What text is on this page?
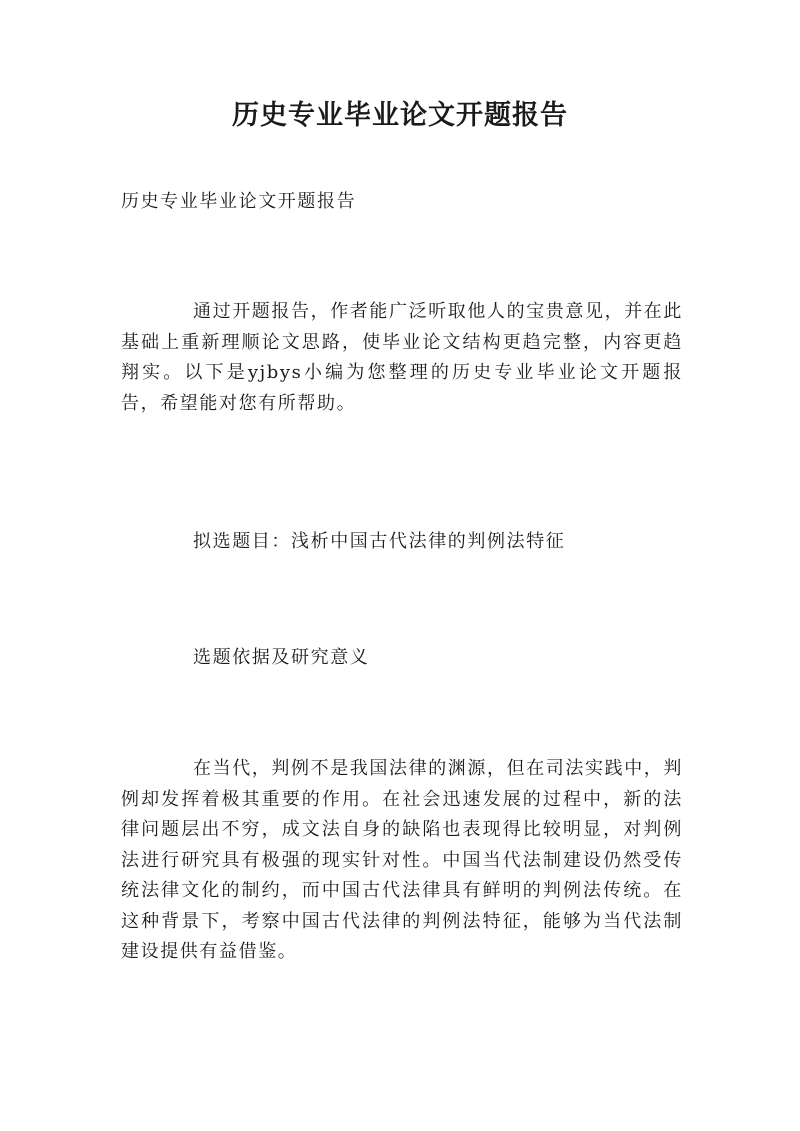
历史专业毕业论文开题报告

历史专业毕业论文开题报告

通过开题报告，作者能广泛听取他人的宝贵意见，并在此基础上重新理顺论文思路，使毕业论文结构更趋完整，内容更趋翔实。以下是yjbys小编为您整理的历史专业毕业论文开题报告，希望能对您有所帮助。

拟选题目：浅析中国古代法律的判例法特征

选题依据及研究意义

在当代，判例不是我国法律的渊源，但在司法实践中，判例却发挥着极其重要的作用。在社会迅速发展的过程中，新的法律问题层出不穷，成文法自身的缺陷也表现得比较明显，对判例法进行研究具有极强的现实针对性。中国当代法制建设仍然受传统法律文化的制约，而中国古代法律具有鲜明的判例法传统。在这种背景下，考察中国古代法律的判例法特征，能够为当代法制建设提供有益借鉴。
